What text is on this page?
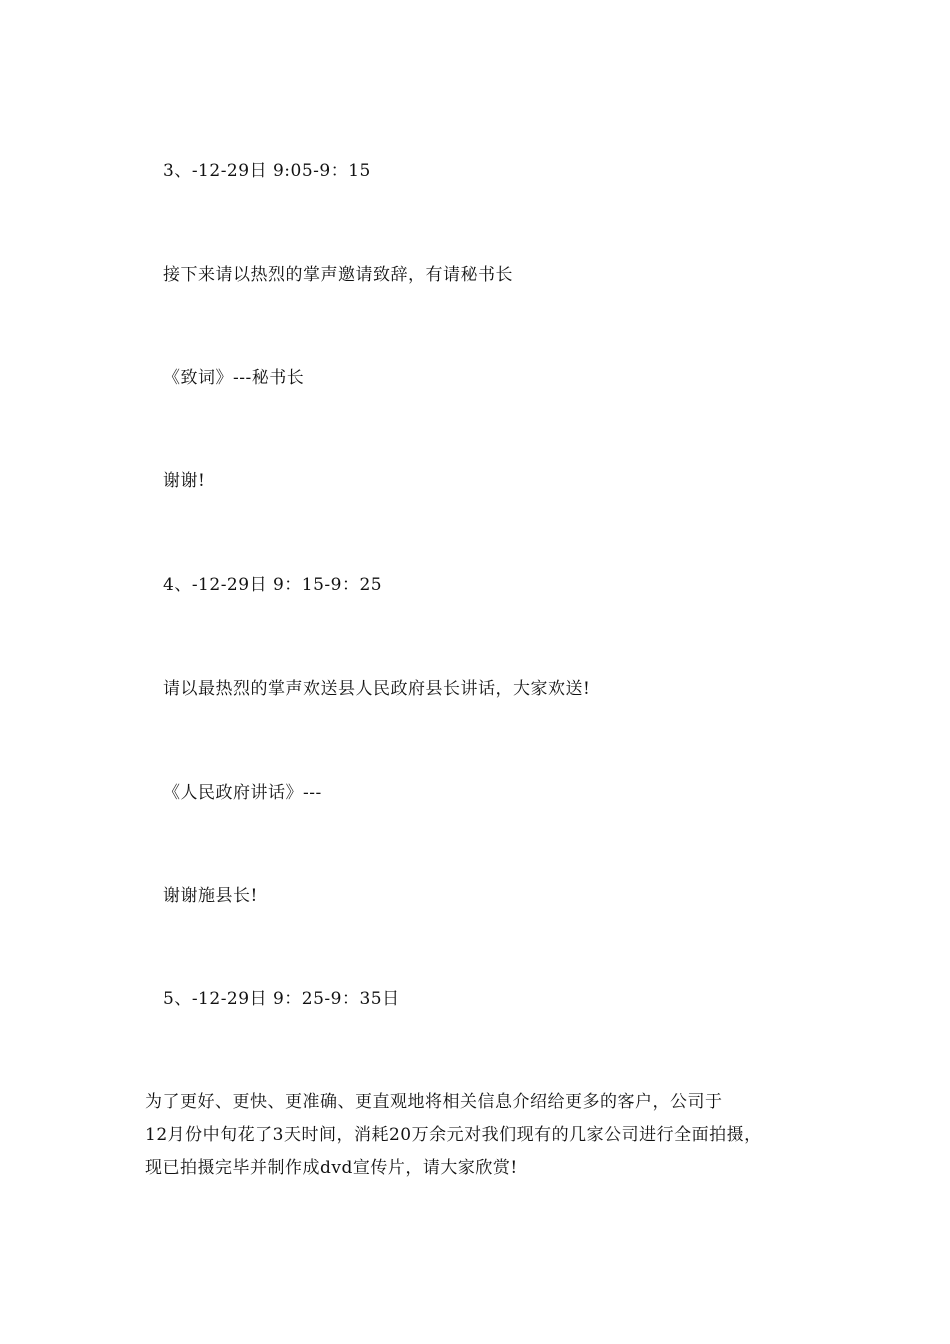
3、-12-29日 9:05-9：15
接下来请以热烈的掌声邀请致辞，有请秘书长
《致词》---秘书长
谢谢!
4、-12-29日 9：15-9：25
请以最热烈的掌声欢送县人民政府县长讲话，大家欢送!
《人民政府讲话》---
谢谢施县长!
5、-12-29日 9：25-9：35日

为了更好、更快、更准确、更直观地将相关信息介绍给更多的客户，公司于

12月份中旬花了3天时间，消耗20万余元对我们现有的几家公司进行全面拍摄，

现已拍摄完毕并制作成dvd宣传片，请大家欣赏!
